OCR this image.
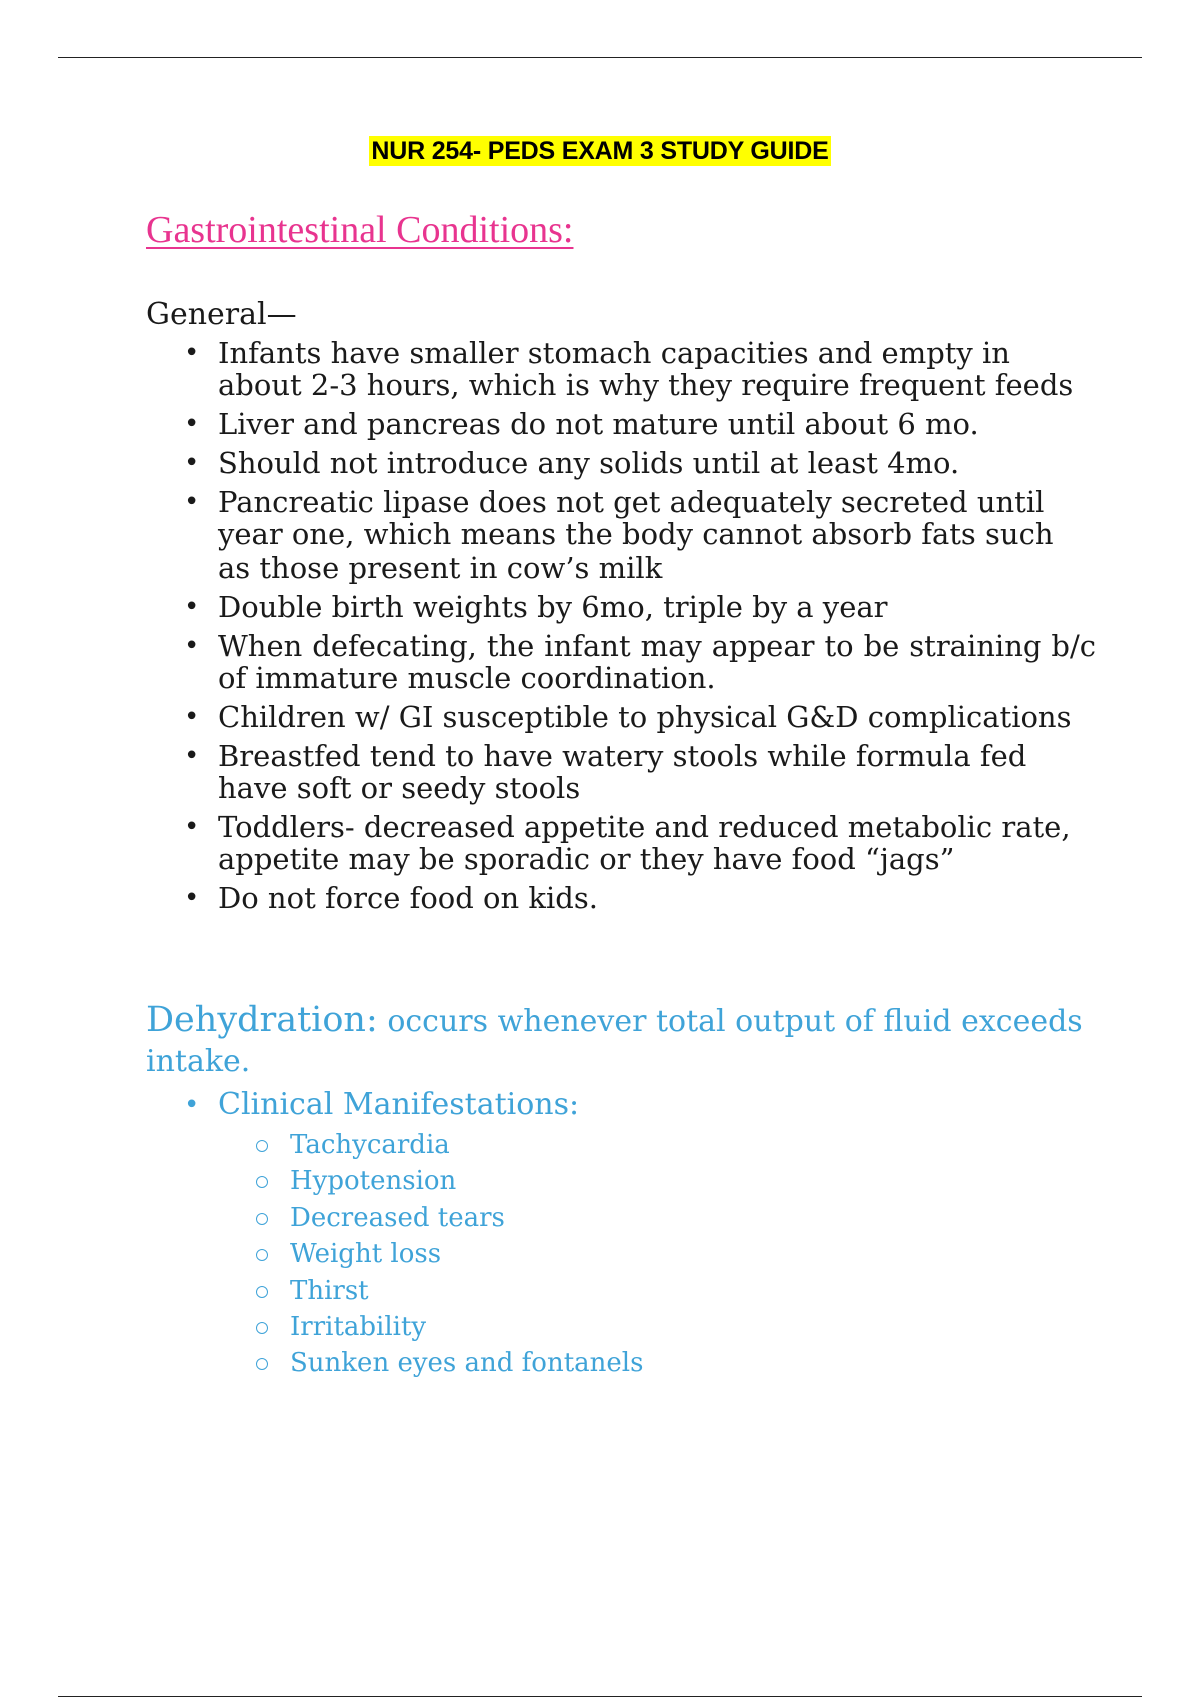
NUR 254- PEDS EXAM 3 STUDY GUIDE
Gastrointestinal Conditions:
General—
• Infants have smaller stomach capacities and empty in about 2-3 hours, which is why they require frequent feeds
• Liver and pancreas do not mature until about 6 mo.
• Should not introduce any solids until at least 4mo.
• Pancreatic lipase does not get adequately secreted until year one, which means the body cannot absorb fats such
as those present in cow’s milk
• Double birth weights by 6mo, triple by a year
• When defecating, the infant may appear to be straining b/c of immature muscle coordination.
• Children w/ GI susceptible to physical G&D complications
• Breastfed tend to have watery stools while formula fed have soft or seedy stools
• Toddlers- decreased appetite and reduced metabolic rate, appetite may be sporadic or they have food “jags”
• Do not force food on kids.
Dehydration: occurs whenever total output of fluid exceeds intake.
• Clinical Manifestations:
Tachycardia
Hypotension
Decreased tears
Weight loss
Thirst
Irritability
Sunken eyes and fontanels
